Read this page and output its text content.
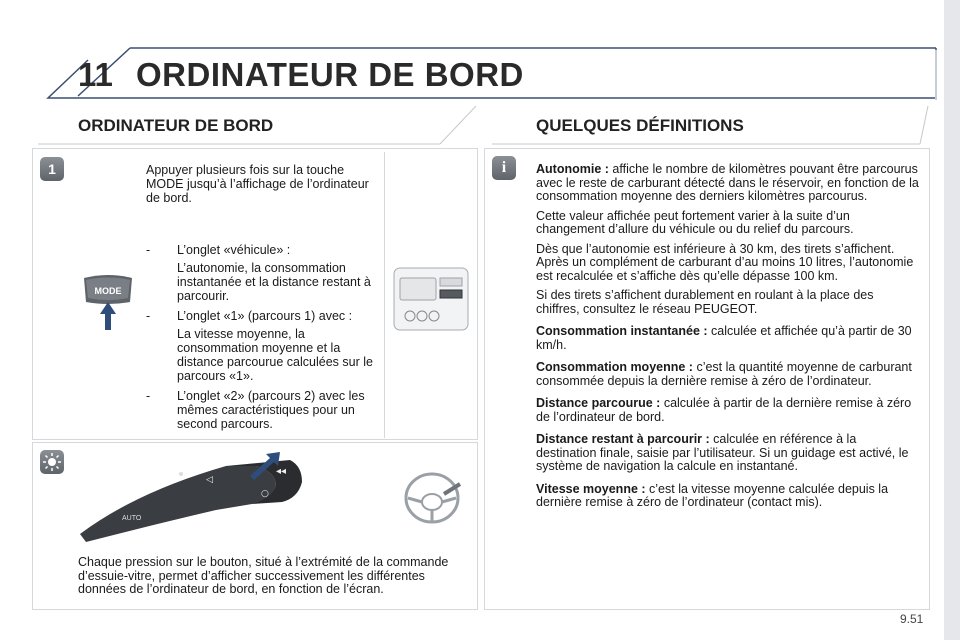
11 ORDINATEUR DE BORD
ORDINATEUR DE BORD	QUELQUES DÉFINITIONS
1	Appuyer plusieurs fois sur la touche MODE jusqu’à l’affichage de l’ordinateur de bord.
MODE
-	L’onglet «véhicule» :
L’autonomie, la consommation instantanée et la distance restant à parcourir.
-	L’onglet «1» (parcours 1) avec :
La vitesse moyenne, la consommation moyenne et la distance parcourue calculées sur le parcours «1».
-	L’onglet «2» (parcours 2) avec les mêmes caractéristiques pour un second parcours.
AUTO
◁
◂◂
○
Chaque pression sur le bouton, situé à l’extrémité de la commande d’essuie-vitre, permet d’afficher successivement les différentes données de l’ordinateur de bord, en fonction de l’écran.
i	Autonomie : affiche le nombre de kilomètres pouvant être parcourus avec le reste de carburant détecté dans le réservoir, en fonction de la consommation moyenne des derniers kilomètres parcourus.

Cette valeur affichée peut fortement varier à la suite d’un changement d’allure du véhicule ou du relief du parcours.

Dès que l’autonomie est inférieure à 30 km, des tirets s’affichent. Après un complément de carburant d’au moins 10 litres, l’autonomie est recalculée et s’affiche dès qu’elle dépasse 100 km.

Si des tirets s’affichent durablement en roulant à la place des chiffres, consultez le réseau PEUGEOT.

Consommation instantanée : calculée et affichée qu’à partir de 30 km/h.

Consommation moyenne : c’est la quantité moyenne de carburant consommée depuis la dernière remise à zéro de l’ordinateur.

Distance parcourue : calculée à partir de la dernière remise à zéro de l’ordinateur de bord.

Distance restant à parcourir : calculée en référence à la destination finale, saisie par l’utilisateur. Si un guidage est activé, le système de navigation la calcule en instantané.

Vitesse moyenne : c’est la vitesse moyenne calculée depuis la dernière remise à zéro de l’ordinateur (contact mis).

9.51
